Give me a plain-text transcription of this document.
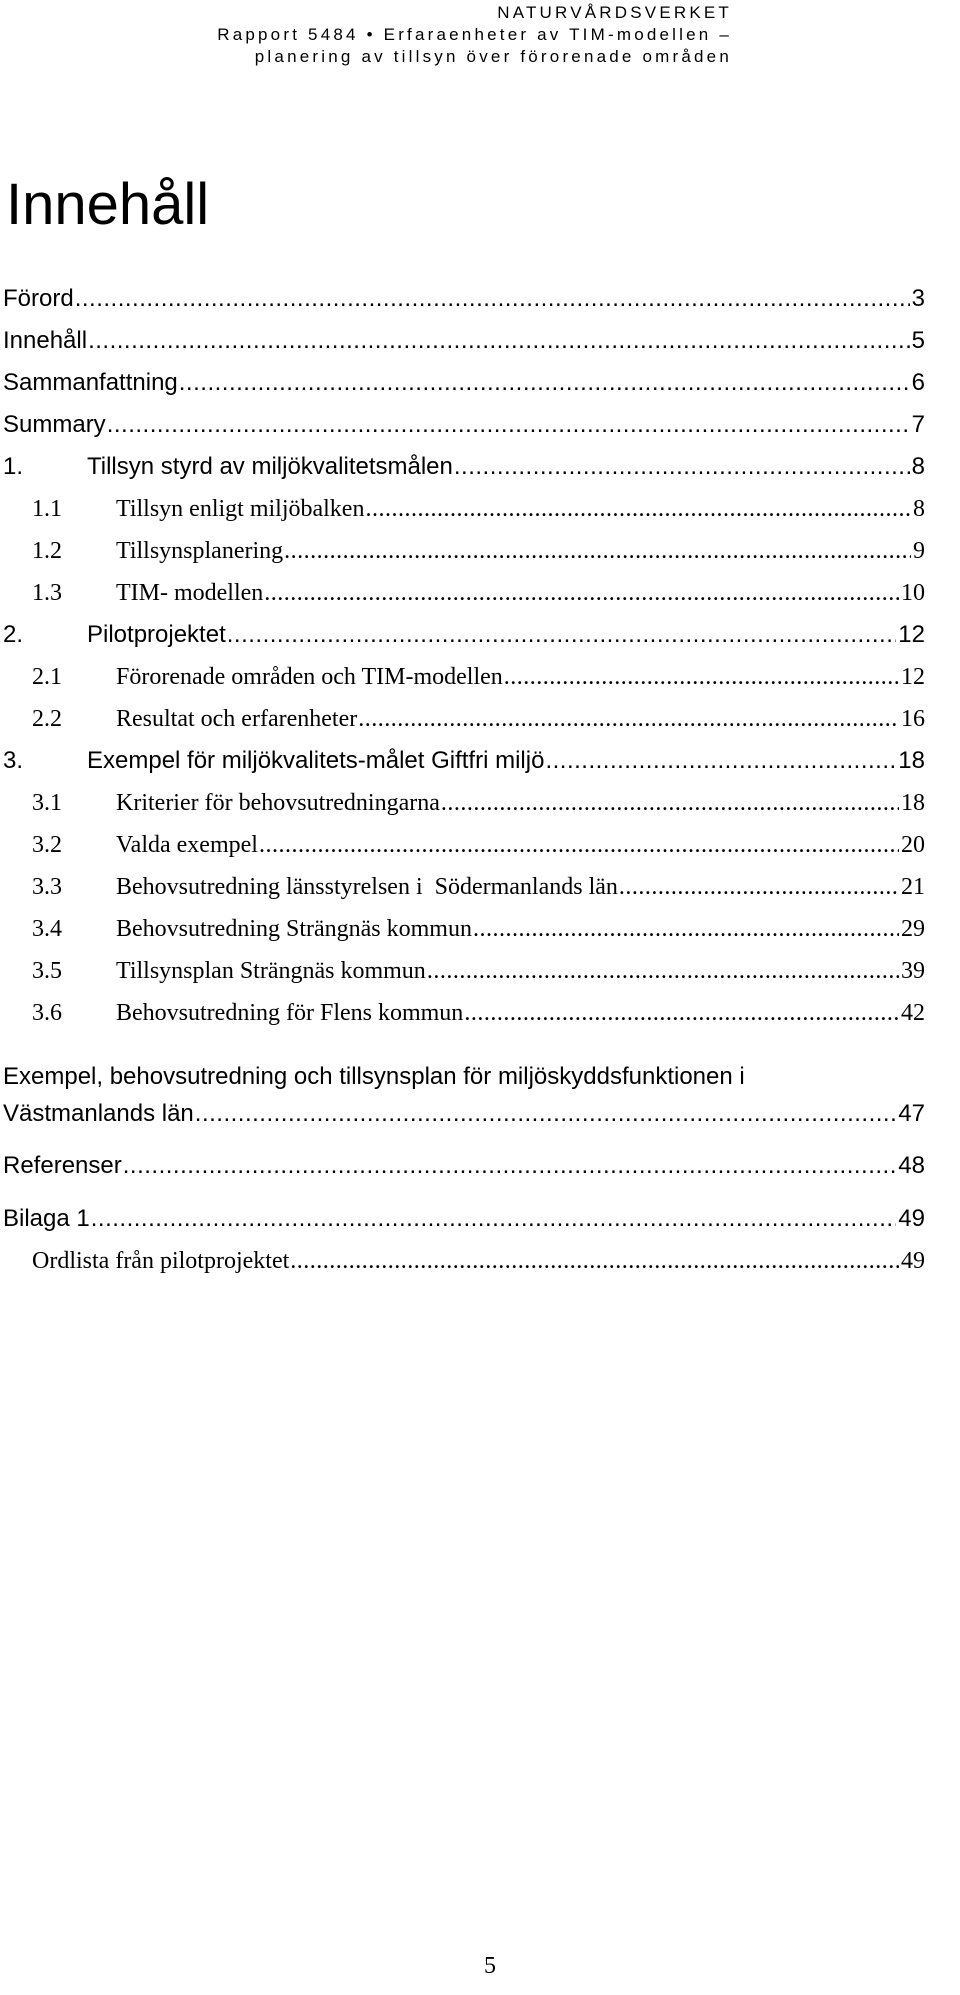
NATURVÅRDSVERKET
Rapport 5484 • Erfaraenheter av TIM-modellen –
planering av tillsyn över förorenade områden
Innehåll
Förord .....	3
Innehåll .....	5
Sammanfattning .....	6
Summary .....	7
1.	Tillsyn styrd av miljökvalitetsmålen .....	8
1.1	Tillsyn enligt miljöbalken .....	8
1.2	Tillsynsplanering .....	9
1.3	TIM- modellen .....	10
2.	Pilotprojektet .....	12
2.1	Förorenade områden och TIM-modellen .....	12
2.2	Resultat och erfarenheter .....	16
3.	Exempel för miljökvalitets-målet Giftfri miljö .....	18
3.1	Kriterier för behovsutredningarna .....	18
3.2	Valda exempel .....	20
3.3	Behovsutredning länsstyrelsen i  Södermanlands län .....	21
3.4	Behovsutredning Strängnäs kommun .....	29
3.5	Tillsynsplan Strängnäs kommun .....	39
3.6	Behovsutredning för Flens kommun .....	42
Exempel, behovsutredning och tillsynsplan för miljöskyddsfunktionen i
Västmanlands län .....	47
Referenser .....	48
Bilaga 1 .....	49
Ordlista från pilotprojektet .....	49
5
